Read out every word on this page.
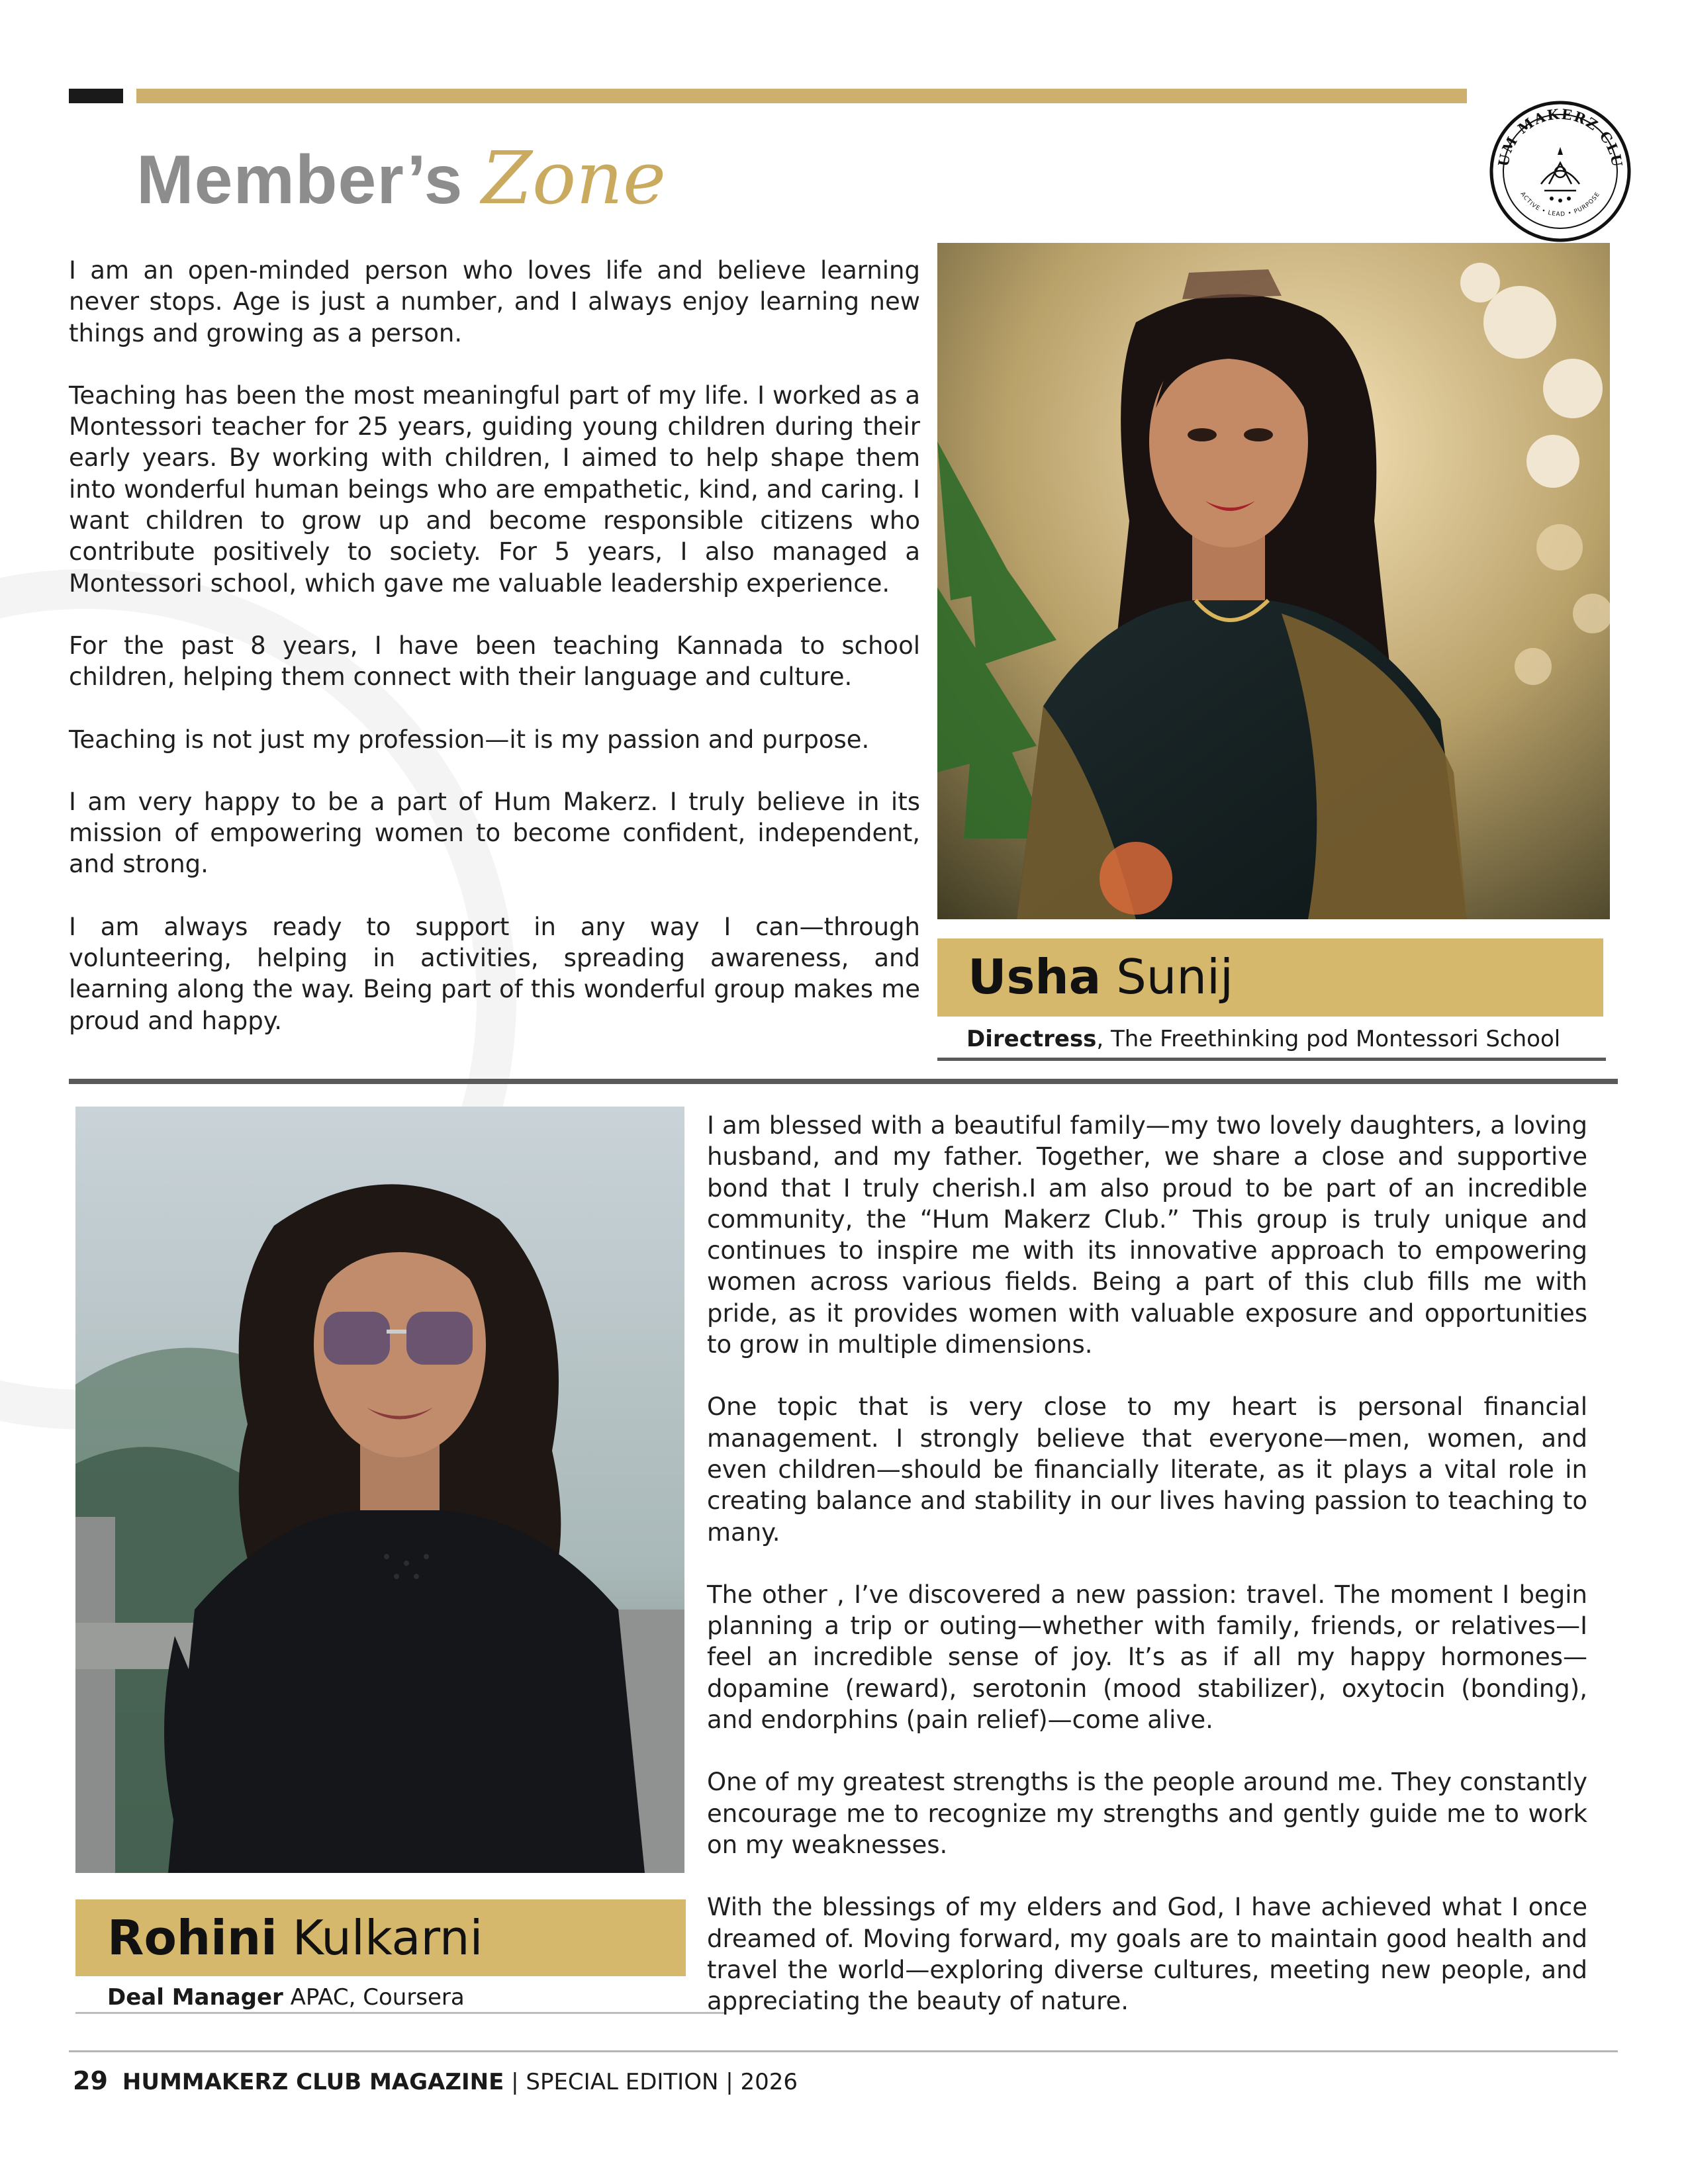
Member’s Zone	UM MAKERZ CLU
ACTIVE • LEAD • PURPOSE

I am an open-minded person who loves life and believe learning never stops. Age is just a number, and I always enjoy learning new things and growing as a person.

Teaching has been the most meaningful part of my life. I worked as a Montessori teacher for 25 years, guiding young children during their early years. By working with children, I aimed to help shape them into wonderful human beings who are empathetic, kind, and caring. I want children to grow up and become responsible citizens who contribute positively to society. For 5 years, I also managed a Montessori school, which gave me valuable leadership experience.

For the past 8 years, I have been teaching Kannada to school children, helping them connect with their language and culture.

Teaching is not just my profession—it is my passion and purpose.

I am very happy to be a part of Hum Makerz. I truly believe in its mission of empowering women to become confident, independent, and strong.

I am always ready to support in any way I can—through volunteering, helping in activities, spreading awareness, and learning along the way. Being part of this wonderful group makes me proud and happy.

Usha Sunij
Directress, The Freethinking pod Montessori School
Rohini Kulkarni
Deal Manager APAC, Coursera

I am blessed with a beautiful family—my two lovely daughters, a loving husband, and my father. Together, we share a close and supportive bond that I truly cherish.I am also proud to be part of an incredible community, the “Hum Makerz Club.” This group is truly unique and continues to inspire me with its innovative approach to empowering women across various fields. Being a part of this club fills me with pride, as it provides women with valuable exposure and opportunities to grow in multiple dimensions.

One topic that is very close to my heart is personal financial management. I strongly believe that everyone—men, women, and even children—should be financially literate, as it plays a vital role in creating balance and stability in our lives having passion to teaching to many.

The other , I’ve discovered a new passion: travel. The moment I begin planning a trip or outing—whether with family, friends, or relatives—I feel an incredible sense of joy. It’s as if all my happy hormones—dopamine (reward), serotonin (mood stabilizer), oxytocin (bonding), and endorphins (pain relief)—come alive.

One of my greatest strengths is the people around me. They constantly encourage me to recognize my strengths and gently guide me to work on my weaknesses.

With the blessings of my elders and God, I have achieved what I once dreamed of. Moving forward, my goals are to maintain good health and travel the world—exploring diverse cultures, meeting new people, and appreciating the beauty of nature.

29 HUMMAKERZ CLUB MAGAZINE | SPECIAL EDITION | 2026
